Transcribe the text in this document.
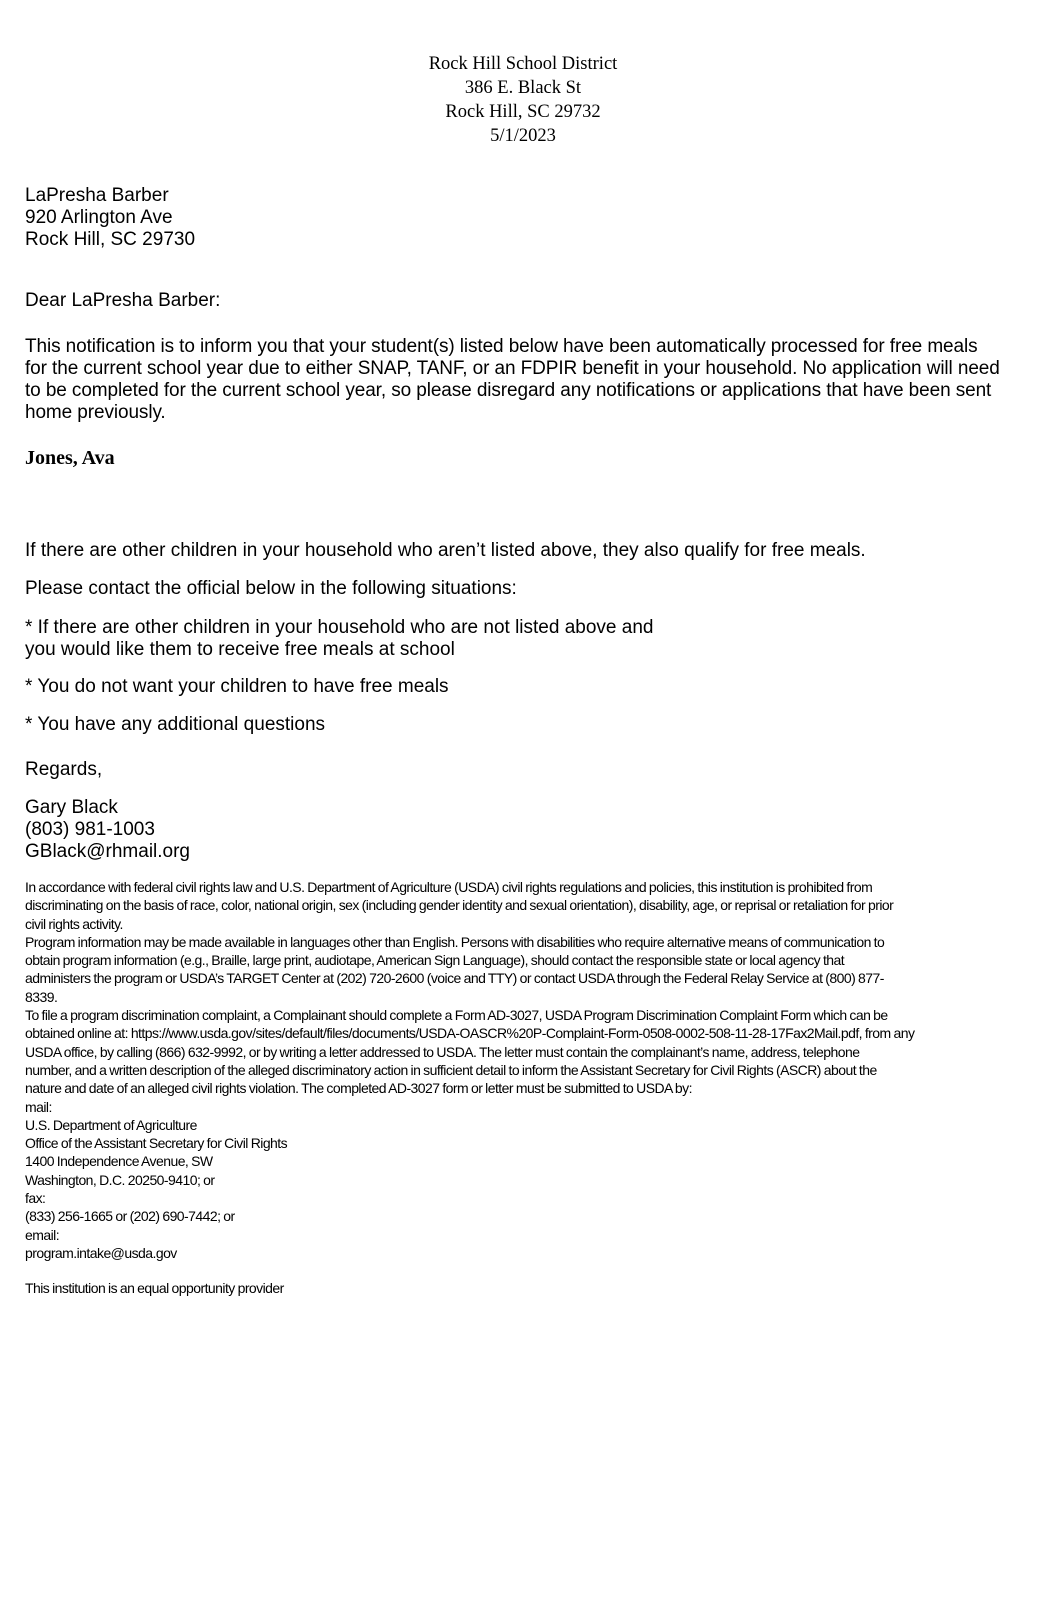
Rock Hill School District
386 E. Black St
Rock Hill, SC 29732
5/1/2023
LaPresha Barber
920 Arlington Ave
Rock Hill, SC 29730
Dear LaPresha Barber:
This notification is to inform you that your student(s) listed below have been automatically processed for free meals
for the current school year due to either SNAP, TANF, or an FDPIR benefit in your household. No application will need
to be completed for the current school year, so please disregard any notifications or applications that have been sent
home previously.
Jones, Ava
If there are other children in your household who aren’t listed above, they also qualify for free meals.
Please contact the official below in the following situations:
* If there are other children in your household who are not listed above and
you would like them to receive free meals at school
* You do not want your children to have free meals
* You have any additional questions
Regards,
Gary Black
(803) 981-1003
GBlack@rhmail.org
In accordance with federal civil rights law and U.S. Department of Agriculture (USDA) civil rights regulations and policies, this institution is prohibited from
discriminating on the basis of race, color, national origin, sex (including gender identity and sexual orientation), disability, age, or reprisal or retaliation for prior
civil rights activity.
Program information may be made available in languages other than English. Persons with disabilities who require alternative means of communication to
obtain program information (e.g., Braille, large print, audiotape, American Sign Language), should contact the responsible state or local agency that
administers the program or USDA’s TARGET Center at (202) 720-2600 (voice and TTY) or contact USDA through the Federal Relay Service at (800) 877-
8339.
To file a program discrimination complaint, a Complainant should complete a Form AD-3027, USDA Program Discrimination Complaint Form which can be
obtained online at: https://www.usda.gov/sites/default/files/documents/USDA-OASCR%20P-Complaint-Form-0508-0002-508-11-28-17Fax2Mail.pdf, from any
USDA office, by calling (866) 632-9992, or by writing a letter addressed to USDA. The letter must contain the complainant’s name, address, telephone
number, and a written description of the alleged discriminatory action in sufficient detail to inform the Assistant Secretary for Civil Rights (ASCR) about the
nature and date of an alleged civil rights violation. The completed AD-3027 form or letter must be submitted to USDA by:
mail:
U.S. Department of Agriculture
Office of the Assistant Secretary for Civil Rights
1400 Independence Avenue, SW
Washington, D.C. 20250-9410; or
fax:
(833) 256-1665 or (202) 690-7442; or
email:
program.intake@usda.gov
This institution is an equal opportunity provider
